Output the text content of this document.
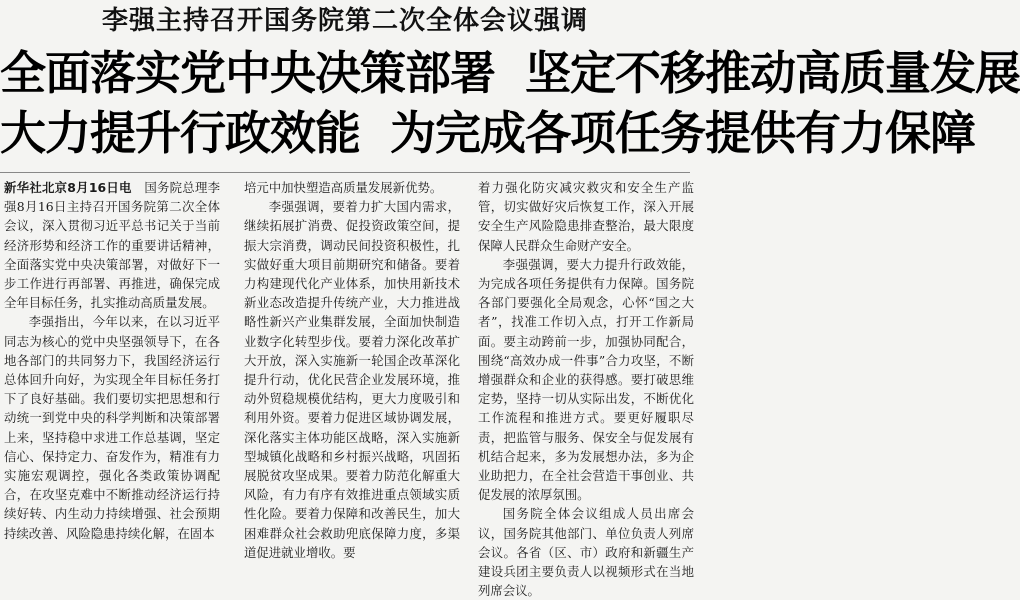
李强主持召开国务院第二次全体会议强调
全面落实党中央决策部署 坚定不移推动高质量发展
大力提升行政效能 为完成各项任务提供有力保障

新华社北京8月16日电　 国务院总理李强8月16日主持召开国务院第二次全体会议，深入贯彻习近平总书记关于当前经济形势和经济工作的重要讲话精神，全面落实党中央决策部署，对做好下一步工作进行再部署、再推进，确保完成全年目标任务，扎实推动高质量发展。

李强指出，今年以来，在以习近平同志为核心的党中央坚强领导下，在各地各部门的共同努力下，我国经济运行总体回升向好，为实现全年目标任务打下了良好基础。我们要切实把思想和行动统一到党中央的科学判断和决策部署上来，坚持稳中求进工作总基调，坚定信心、保持定力、奋发作为，精准有力实施宏观调控，强化各类政策协调配合，在攻坚克难中不断推动经济运行持续好转、内生动力持续增强、社会预期持续改善、风险隐患持续化解，在固本

培元中加快塑造高质量发展新优势。

李强强调，要着力扩大国内需求，继续拓展扩消费、促投资政策空间，提振大宗消费，调动民间投资积极性，扎实做好重大项目前期研究和储备。要着力构建现代化产业体系，加快用新技术新业态改造提升传统产业，大力推进战略性新兴产业集群发展，全面加快制造业数字化转型步伐。要着力深化改革扩大开放，深入实施新一轮国企改革深化提升行动，优化民营企业发展环境，推动外贸稳规模优结构，更大力度吸引和利用外资。要着力促进区域协调发展，深化落实主体功能区战略，深入实施新型城镇化战略和乡村振兴战略，巩固拓展脱贫攻坚成果。要着力防范化解重大风险，有力有序有效推进重点领域实质性化险。要着力保障和改善民生，加大困难群众社会救助兜底保障力度，多渠道促进就业增收。要

着力强化防灾减灾救灾和安全生产监管，切实做好灾后恢复工作，深入开展安全生产风险隐患排查整治，最大限度保障人民群众生命财产安全。

李强强调，要大力提升行政效能，为完成各项任务提供有力保障。国务院各部门要强化全局观念，心怀“国之大者”，找准工作切入点，打开工作新局面。要主动跨前一步，加强协同配合，围绕“高效办成一件事”合力攻坚，不断增强群众和企业的获得感。要打破思维定势，坚持一切从实际出发，不断优化工作流程和推进方式。要更好履职尽责，把监管与服务、保安全与促发展有机结合起来，多为发展想办法，多为企业助把力，在全社会营造干事创业、共促发展的浓厚氛围。

国务院全体会议组成人员出席会议，国务院其他部门、单位负责人列席会议。各省（区、市）政府和新疆生产建设兵团主要负责人以视频形式在当地列席会议。
